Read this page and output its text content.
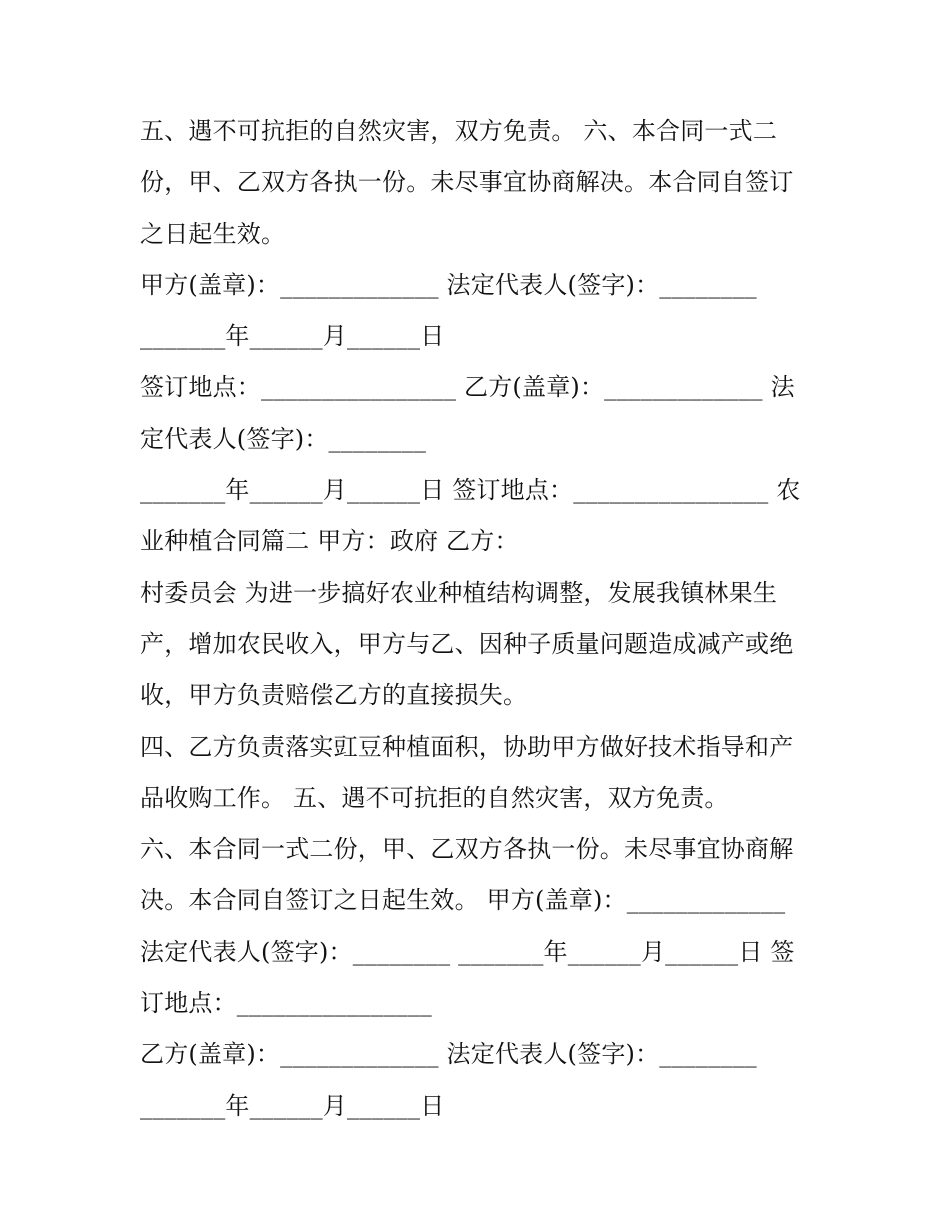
五、遇不可抗拒的自然灾害，双方免责。 六、本合同一式二
份，甲、乙双方各执一份。未尽事宜协商解决。本合同自签订
之日起生效。
甲方(盖章)：_____________ 法定代表人(签字)：________
_______年______月______日
签订地点：________________ 乙方(盖章)：_____________ 法
定代表人(签字)：________
_______年______月______日 签订地点：________________ 农
业种植合同篇二 甲方：政府 乙方：
村委员会 为进一步搞好农业种植结构调整，发展我镇林果生
产，增加农民收入，甲方与乙、因种子质量问题造成减产或绝
收，甲方负责赔偿乙方的直接损失。
四、乙方负责落实豇豆种植面积，协助甲方做好技术指导和产
品收购工作。 五、遇不可抗拒的自然灾害，双方免责。
六、本合同一式二份，甲、乙双方各执一份。未尽事宜协商解
决。本合同自签订之日起生效。 甲方(盖章)：_____________
法定代表人(签字)：________ _______年______月______日 签
订地点：________________
乙方(盖章)：_____________ 法定代表人(签字)：________
_______年______月______日
